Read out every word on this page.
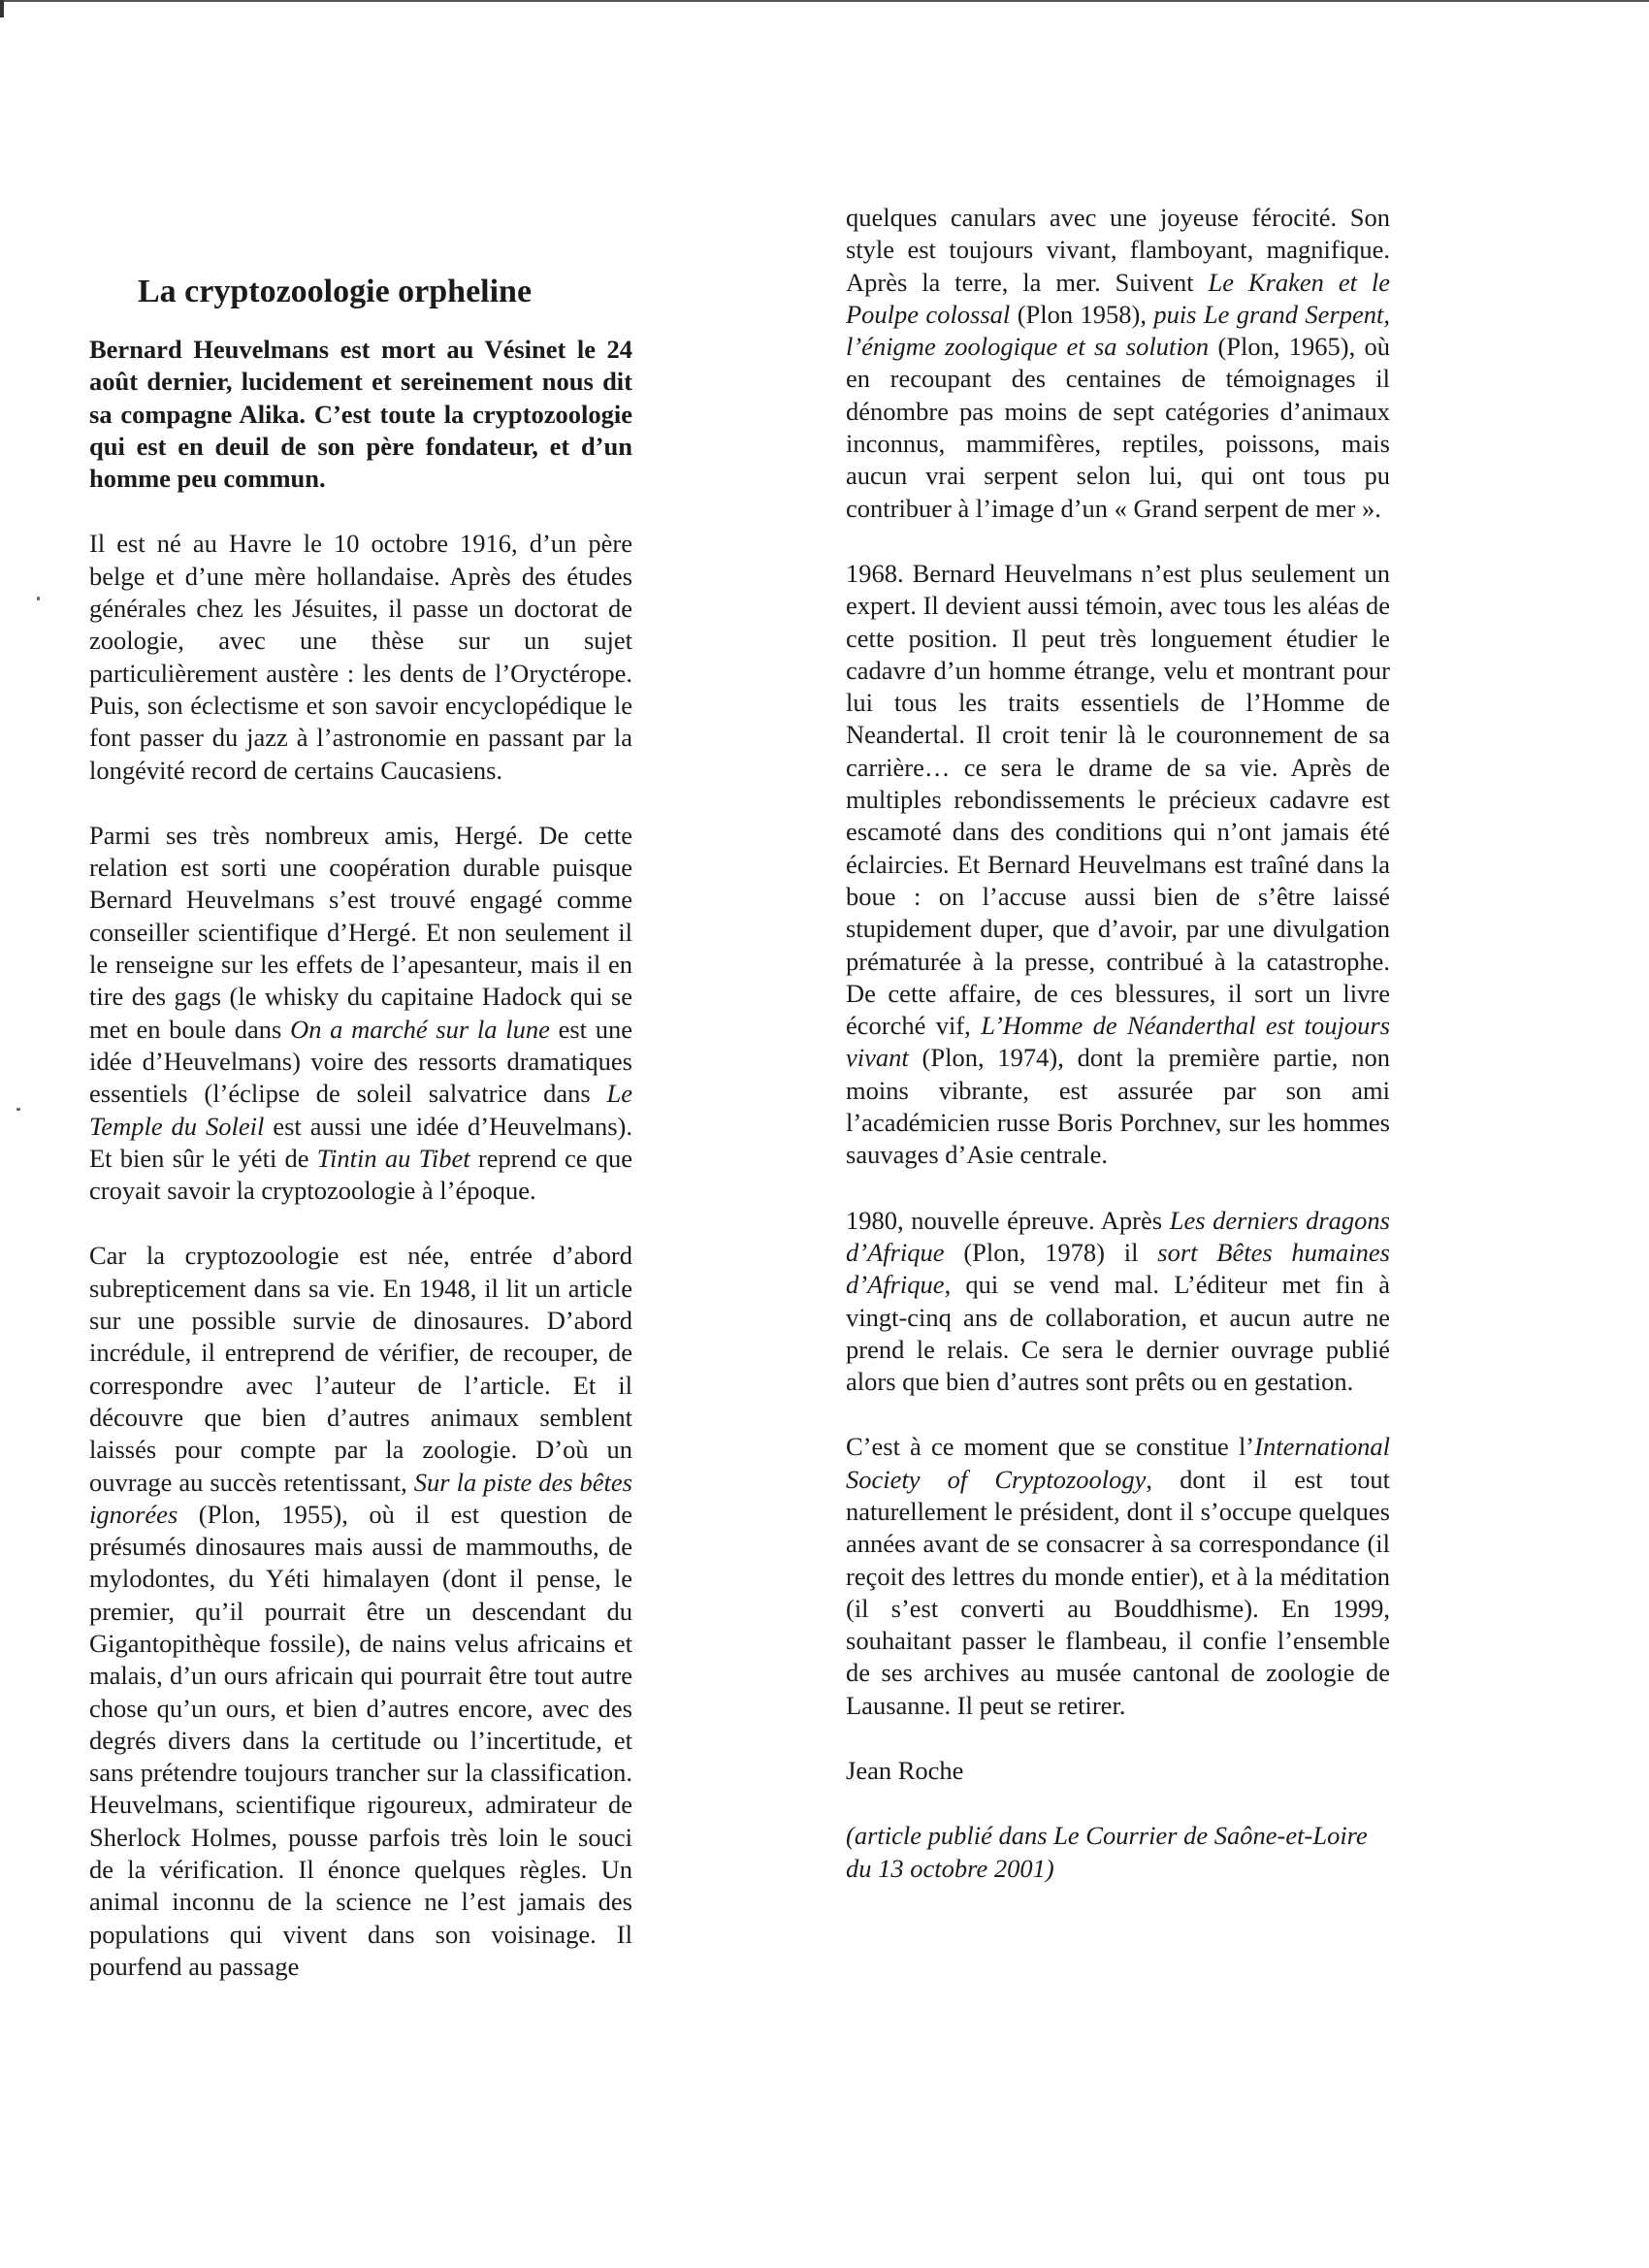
La cryptozoologie orpheline

Bernard Heuvelmans est mort au Vésinet le 24 août dernier, lucidement et sereinement nous dit sa compagne Alika. C’est toute la cryptozoologie qui est en deuil de son père fondateur, et d’un homme peu commun.

Il est né au Havre le 10 octobre 1916, d’un père belge et d’une mère hollandaise. Après des études générales chez les Jésuites, il passe un doctorat de zoologie, avec une thèse sur un sujet particulièrement austère : les dents de l’Oryctérope. Puis, son éclectisme et son savoir encyclopédique le font passer du jazz à l’astronomie en passant par la longévité record de certains Caucasiens.

Parmi ses très nombreux amis, Hergé. De cette relation est sorti une coopération durable puisque Bernard Heuvelmans s’est trouvé engagé comme conseiller scientifique d’Hergé. Et non seulement il le renseigne sur les effets de l’apesanteur, mais il en tire des gags (le whisky du capitaine Hadock qui se met en boule dans On a marché sur la lune est une idée d’Heuvelmans) voire des ressorts dramatiques essentiels (l’éclipse de soleil salvatrice dans Le Temple du Soleil est aussi une idée d’Heuvelmans). Et bien sûr le yéti de Tintin au Tibet reprend ce que croyait savoir la cryptozoologie à l’époque.

Car la cryptozoologie est née, entrée d’abord subrepticement dans sa vie. En 1948, il lit un article sur une possible survie de dinosaures. D’abord incrédule, il entreprend de vérifier, de recouper, de correspondre avec l’auteur de l’article. Et il découvre que bien d’autres animaux semblent laissés pour compte par la zoologie. D’où un ouvrage au succès retentissant, Sur la piste des bêtes ignorées (Plon, 1955), où il est question de présumés dinosaures mais aussi de mammouths, de mylodontes, du Yéti himalayen (dont il pense, le premier, qu’il pourrait être un descendant du Gigantopithèque fossile), de nains velus africains et malais, d’un ours africain qui pourrait être tout autre chose qu’un ours, et bien d’autres encore, avec des degrés divers dans la certitude ou l’incertitude, et sans prétendre toujours trancher sur la classification. Heuvelmans, scientifique rigoureux, admirateur de Sherlock Holmes, pousse parfois très loin le souci de la vérification. Il énonce quelques règles. Un animal inconnu de la science ne l’est jamais des populations qui vivent dans son voisinage. Il pourfend au passage

quelques canulars avec une joyeuse férocité. Son style est toujours vivant, flamboyant, magnifique. Après la terre, la mer. Suivent Le Kraken et le Poulpe colossal (Plon 1958), puis Le grand Serpent, l’énigme zoologique et sa solution (Plon, 1965), où en recoupant des centaines de témoignages il dénombre pas moins de sept catégories d’animaux inconnus, mammifères, reptiles, poissons, mais aucun vrai serpent selon lui, qui ont tous pu contribuer à l’image d’un « Grand serpent de mer ».

1968. Bernard Heuvelmans n’est plus seulement un expert. Il devient aussi témoin, avec tous les aléas de cette position. Il peut très longuement étudier le cadavre d’un homme étrange, velu et montrant pour lui tous les traits essentiels de l’Homme de Neandertal. Il croit tenir là le couronnement de sa carrière… ce sera le drame de sa vie. Après de multiples rebondissements le précieux cadavre est escamoté dans des conditions qui n’ont jamais été éclaircies. Et Bernard Heuvelmans est traîné dans la boue : on l’accuse aussi bien de s’être laissé stupidement duper, que d’avoir, par une divulgation prématurée à la presse, contribué à la catastrophe. De cette affaire, de ces blessures, il sort un livre écorché vif, L’Homme de Néanderthal est toujours vivant (Plon, 1974), dont la première partie, non moins vibrante, est assurée par son ami l’académicien russe Boris Porchnev, sur les hommes sauvages d’Asie centrale.

1980, nouvelle épreuve. Après Les derniers dragons d’Afrique (Plon, 1978) il sort Bêtes humaines d’Afrique, qui se vend mal. L’éditeur met fin à vingt-cinq ans de collaboration, et aucun autre ne prend le relais. Ce sera le dernier ouvrage publié alors que bien d’autres sont prêts ou en gestation.

C’est à ce moment que se constitue l’International Society of Cryptozoology, dont il est tout naturellement le président, dont il s’occupe quelques années avant de se consacrer à sa correspondance (il reçoit des lettres du monde entier), et à la méditation (il s’est converti au Bouddhisme). En 1999, souhaitant passer le flambeau, il confie l’ensemble de ses archives au musée cantonal de zoologie de Lausanne. Il peut se retirer.

Jean Roche

(article publié dans Le Courrier de Saône-et-Loire du 13 octobre 2001)
